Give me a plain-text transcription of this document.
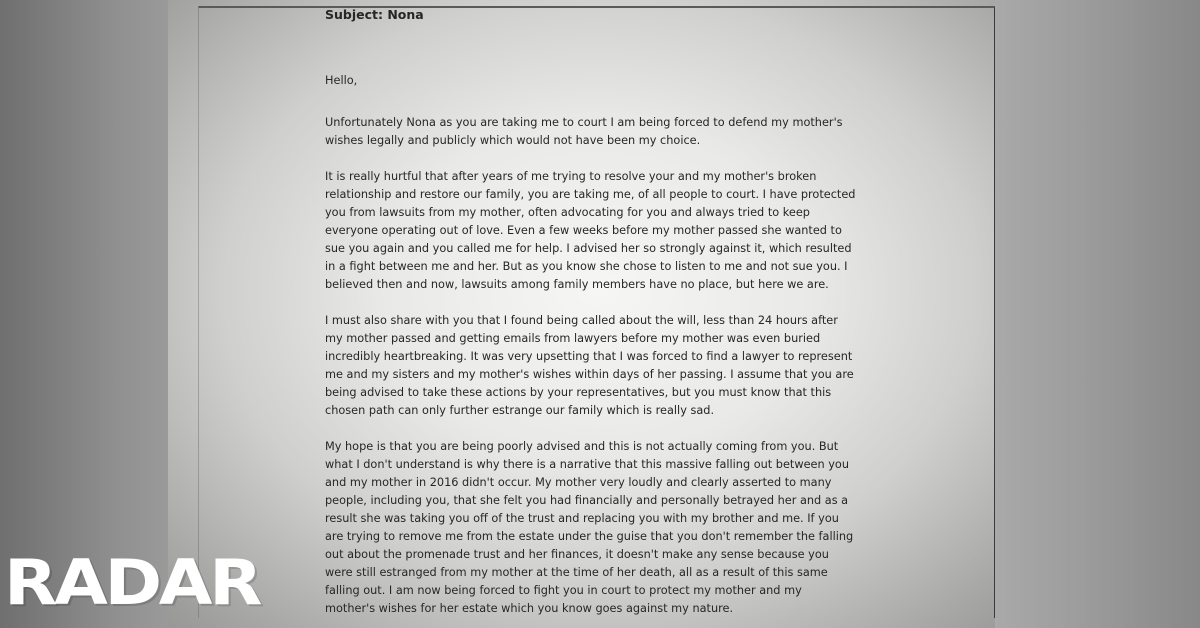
Subject: Nona

Hello,

Unfortunately Nona as you are taking me to court I am being forced to defend my mother's
wishes legally and publicly which would not have been my choice.

It is really hurtful that after years of me trying to resolve your and my mother's broken
relationship and restore our family, you are taking me, of all people to court. I have protected
you from lawsuits from my mother, often advocating for you and always tried to keep
everyone operating out of love. Even a few weeks before my mother passed she wanted to
sue you again and you called me for help. I advised her so strongly against it, which resulted
in a fight between me and her. But as you know she chose to listen to me and not sue you. I
believed then and now, lawsuits among family members have no place, but here we are.

I must also share with you that I found being called about the will, less than 24 hours after
my mother passed and getting emails from lawyers before my mother was even buried
incredibly heartbreaking. It was very upsetting that I was forced to find a lawyer to represent
me and my sisters and my mother's wishes within days of her passing. I assume that you are
being advised to take these actions by your representatives, but you must know that this
chosen path can only further estrange our family which is really sad.

My hope is that you are being poorly advised and this is not actually coming from you. But
what I don't understand is why there is a narrative that this massive falling out between you
and my mother in 2016 didn't occur. My mother very loudly and clearly asserted to many
people, including you, that she felt you had financially and personally betrayed her and as a
result she was taking you off of the trust and replacing you with my brother and me. If you
are trying to remove me from the estate under the guise that you don't remember the falling
out about the promenade trust and her finances, it doesn't make any sense because you
were still estranged from my mother at the time of her death, all as a result of this same
falling out. I am now being forced to fight you in court to protect my mother and my
mother's wishes for her estate which you know goes against my nature.

RADAR
